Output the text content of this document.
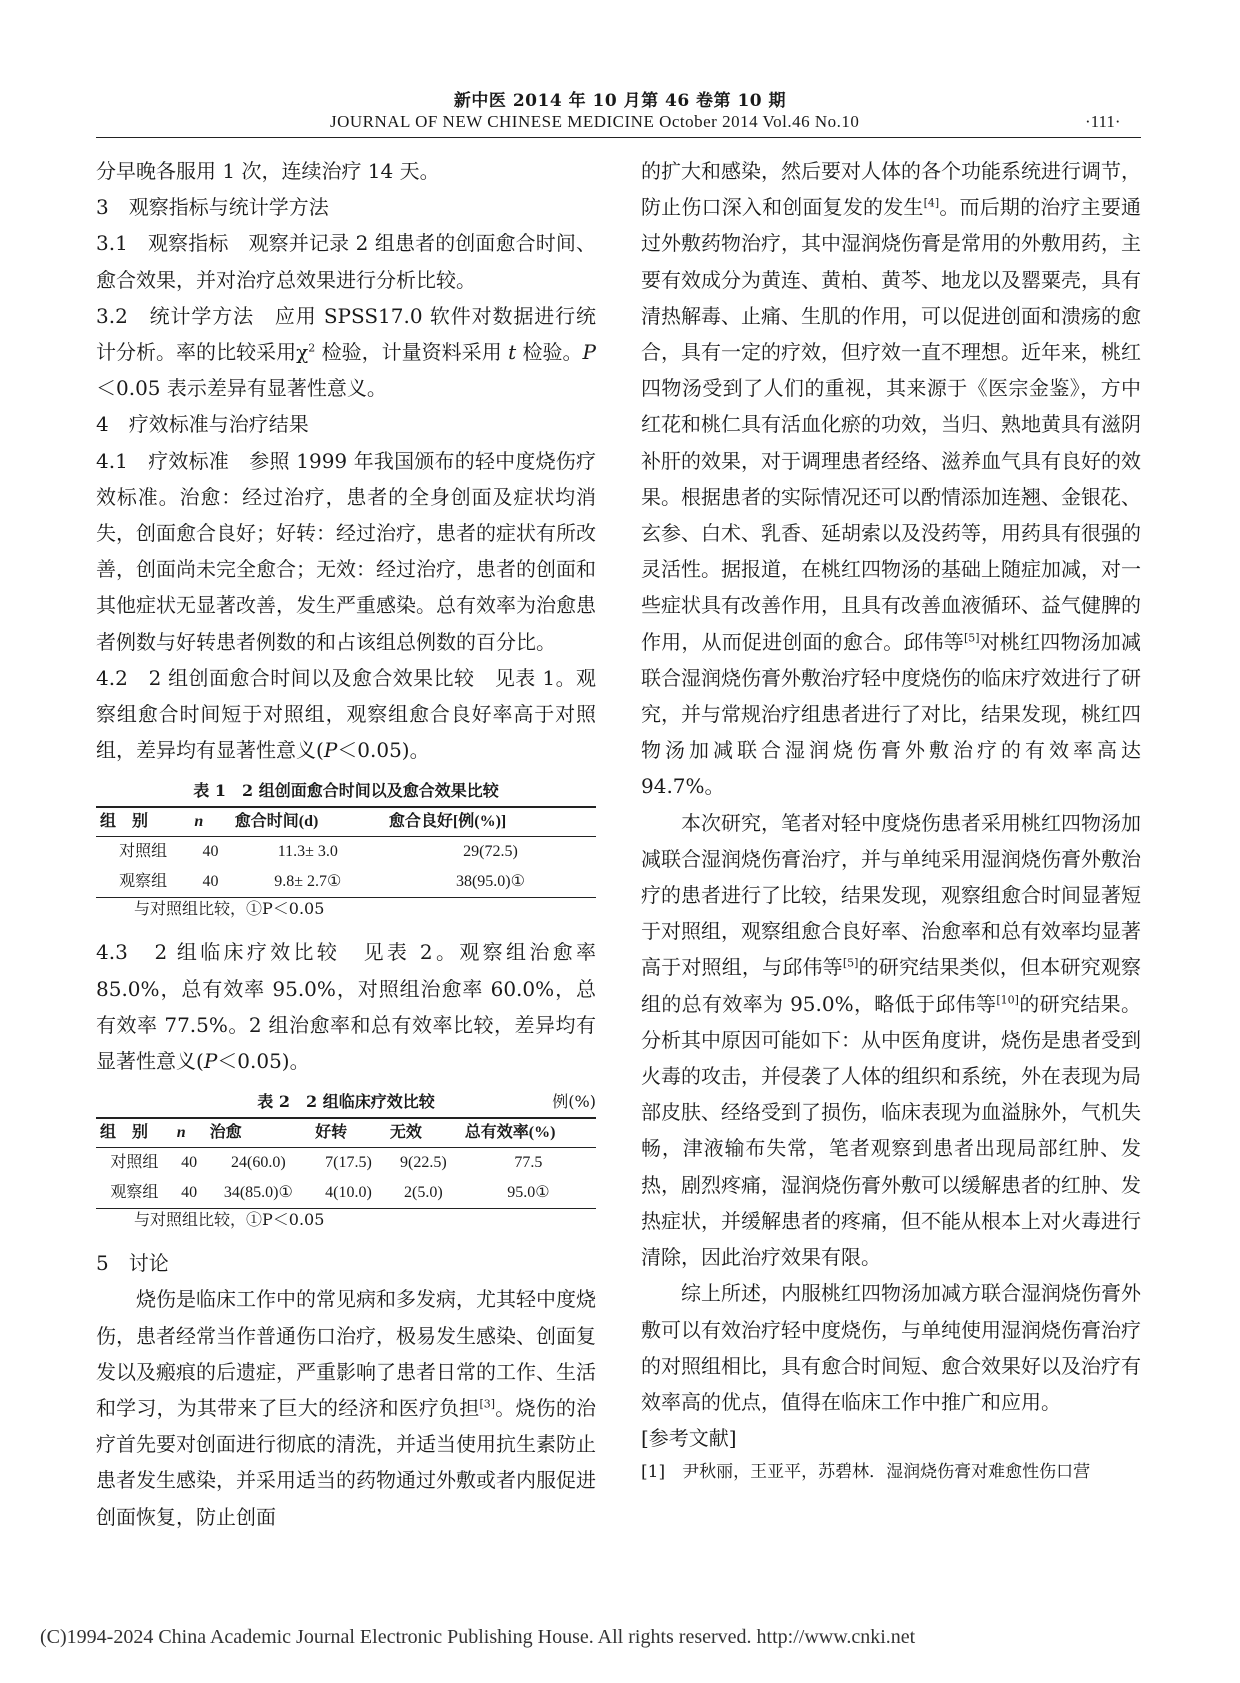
新中医 2014 年 10 月第 46 卷第 10 期
JOURNAL OF NEW CHINESE MEDICINE October 2014 Vol.46 No.10	·111·

分早晚各服用 1 次，连续治疗 14 天。

3　观察指标与统计学方法

3.1　观察指标　观察并记录 2 组患者的创面愈合时间、愈合效果，并对治疗总效果进行分析比较。

3.2　统计学方法　应用 SPSS17.0 软件对数据进行统计分析。率的比较采用$\chi^2$ 检验，计量资料采用 t 检验。P＜0.05 表示差异有显著性意义。

4　疗效标准与治疗结果

4.1　疗效标准　参照 1999 年我国颁布的轻中度烧伤疗效标准。治愈：经过治疗，患者的全身创面及症状均消失，创面愈合良好；好转：经过治疗，患者的症状有所改善，创面尚未完全愈合；无效：经过治疗，患者的创面和其他症状无显著改善，发生严重感染。总有效率为治愈患者例数与好转患者例数的和占该组总例数的百分比。

4.2　2 组创面愈合时间以及愈合效果比较　见表 1。观察组愈合时间短于对照组，观察组愈合良好率高于对照组，差异均有显著性意义(P＜0.05)。

表 1　2 组创面愈合时间以及愈合效果比较
组　别	n	愈合时间(d)	愈合良好[例(%)]
对照组	40	11.3± 3.0	29(72.5)
观察组	40	9.8± 2.7①	38(95.0)①
与对照组比较，①P＜0.05

4.3　2 组临床疗效比较　见表 2。观察组治愈率 85.0%，总有效率 95.0%，对照组治愈率 60.0%，总有效率 77.5%。2 组治愈率和总有效率比较，差异均有显著性意义(P＜0.05)。

表 2　2 组临床疗效比较	例(%)
组　别	n	治愈	好转	无效	总有效率(%)
对照组	40	24(60.0)	7(17.5)	9(22.5)	77.5
观察组	40	34(85.0)①	4(10.0)	2(5.0)	95.0①
与对照组比较，①P＜0.05

5　讨论

烧伤是临床工作中的常见病和多发病，尤其轻中度烧伤，患者经常当作普通伤口治疗，极易发生感染、创面复发以及瘢痕的后遗症，严重影响了患者日常的工作、生活和学习，为其带来了巨大的经济和医疗负担[3]。烧伤的治疗首先要对创面进行彻底的清洗，并适当使用抗生素防止患者发生感染，并采用适当的药物通过外敷或者内服促进创面恢复，防止创面

的扩大和感染，然后要对人体的各个功能系统进行调节，防止伤口深入和创面复发的发生[4]。而后期的治疗主要通过外敷药物治疗，其中湿润烧伤膏是常用的外敷用药，主要有效成分为黄连、黄柏、黄芩、地龙以及罂粟壳，具有清热解毒、止痛、生肌的作用，可以促进创面和溃疡的愈合，具有一定的疗效，但疗效一直不理想。近年来，桃红四物汤受到了人们的重视，其来源于《医宗金鉴》，方中红花和桃仁具有活血化瘀的功效，当归、熟地黄具有滋阴补肝的效果，对于调理患者经络、滋养血气具有良好的效果。根据患者的实际情况还可以酌情添加连翘、金银花、玄参、白术、乳香、延胡索以及没药等，用药具有很强的灵活性。据报道，在桃红四物汤的基础上随症加减，对一些症状具有改善作用，且具有改善血液循环、益气健脾的作用，从而促进创面的愈合。邱伟等[5]对桃红四物汤加减联合湿润烧伤膏外敷治疗轻中度烧伤的临床疗效进行了研究，并与常规治疗组患者进行了对比，结果发现，桃红四物汤加减联合湿润烧伤膏外敷治疗的有效率高达 94.7%。

本次研究，笔者对轻中度烧伤患者采用桃红四物汤加减联合湿润烧伤膏治疗，并与单纯采用湿润烧伤膏外敷治疗的患者进行了比较，结果发现，观察组愈合时间显著短于对照组，观察组愈合良好率、治愈率和总有效率均显著高于对照组，与邱伟等[5]的研究结果类似，但本研究观察组的总有效率为 95.0%，略低于邱伟等[10]的研究结果。分析其中原因可能如下：从中医角度讲，烧伤是患者受到火毒的攻击，并侵袭了人体的组织和系统，外在表现为局部皮肤、经络受到了损伤，临床表现为血溢脉外，气机失畅，津液输布失常，笔者观察到患者出现局部红肿、发热，剧烈疼痛，湿润烧伤膏外敷可以缓解患者的红肿、发热症状，并缓解患者的疼痛，但不能从根本上对火毒进行清除，因此治疗效果有限。

综上所述，内服桃红四物汤加减方联合湿润烧伤膏外敷可以有效治疗轻中度烧伤，与单纯使用湿润烧伤膏治疗的对照组相比，具有愈合时间短、愈合效果好以及治疗有效率高的优点，值得在临床工作中推广和应用。

[参考文献]

[1]　尹秋丽，王亚平，苏碧林．湿润烧伤膏对难愈性伤口营

(C)1994-2024 China Academic Journal Electronic Publishing House. All rights reserved. http://www.cnki.net
